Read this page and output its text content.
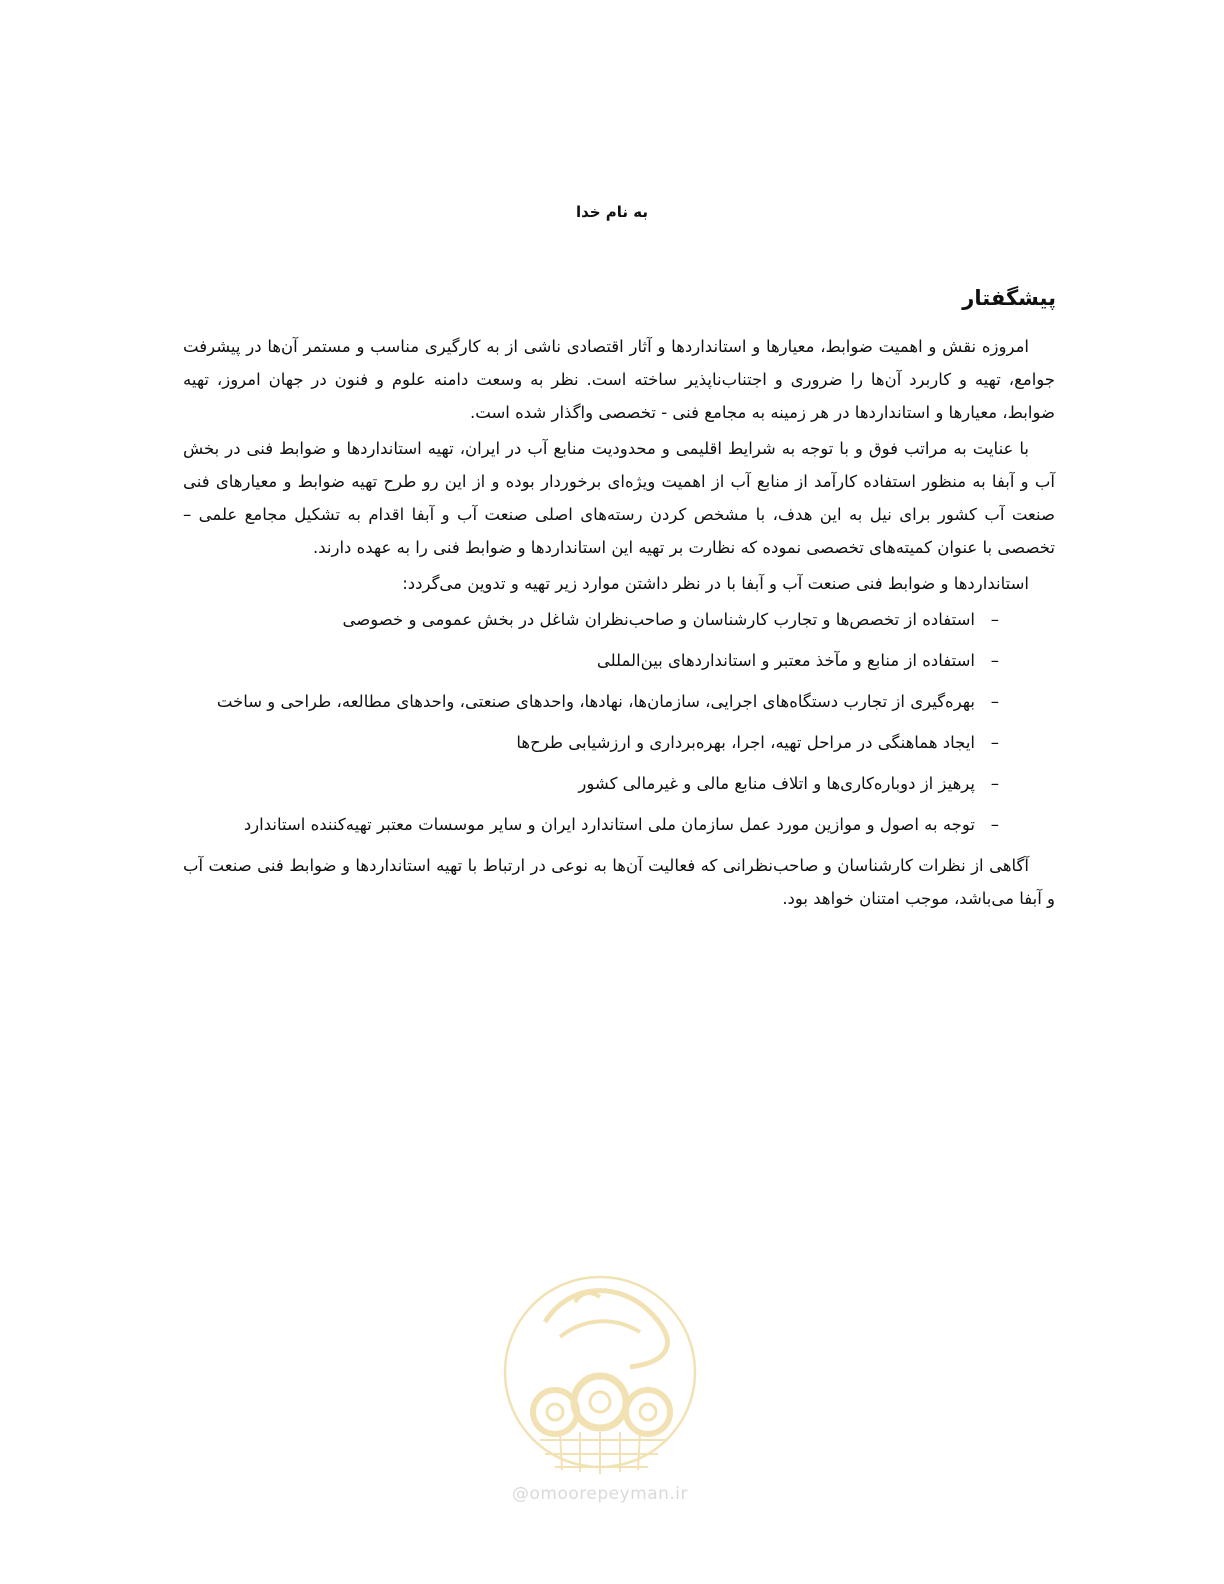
به نام خدا
پیشگفتار

امروزه نقش و اهمیت ضوابط، معیارها و استانداردها و آثار اقتصادی ناشی از به کارگیری مناسب و مستمر آن‌ها در پیشرفت جوامع، تهیه و کاربرد آن‌ها را ضروری و اجتناب‌ناپذیر ساخته است. نظر به وسعت دامنه علوم و فنون در جهان امروز، تهیه ضوابط، معیارها و استانداردها در هر زمینه به مجامع فنی - تخصصی واگذار شده است.

با عنایت به مراتب فوق و با توجه به شرایط اقلیمی و محدودیت منابع آب در ایران، تهیه استانداردها و ضوابط فنی در بخش آب و آبفا به منظور استفاده کارآمد از منابع آب از اهمیت ویژه‌ای برخوردار بوده و از این رو طرح تهیه ضوابط و معیارهای فنی صنعت آب کشور برای نیل به این هدف، با مشخص کردن رسته‌های اصلی صنعت آب و آبفا اقدام به تشکیل مجامع علمی – تخصصی با عنوان کمیته‌های تخصصی نموده که نظارت بر تهیه این استانداردها و ضوابط فنی را به عهده دارند.

استانداردها و ضوابط فنی صنعت آب و آبفا با در نظر داشتن موارد زیر تهیه و تدوین می‌گردد:

–
استفاده از تخصص‌ها و تجارب کارشناسان و صاحب‌نظران شاغل در بخش عمومی و خصوصی
–
استفاده از منابع و مآخذ معتبر و استانداردهای بین‌المللی
–
بهره‌گیری از تجارب دستگاه‌های اجرایی، سازمان‌ها، نهادها، واحدهای صنعتی، واحدهای مطالعه، طراحی و ساخت
–
ایجاد هماهنگی در مراحل تهیه، اجرا، بهره‌برداری و ارزشیابی طرح‌ها
–
پرهیز از دوباره‌کاری‌ها و اتلاف منابع مالی و غیرمالی کشور
–
توجه به اصول و موازین مورد عمل سازمان ملی استاندارد ایران و سایر موسسات معتبر تهیه‌کننده استاندارد

آگاهی از نظرات کارشناسان و صاحب‌نظرانی که فعالیت آن‌ها به نوعی در ارتباط با تهیه استانداردها و ضوابط فنی صنعت آب و آبفا می‌باشد، موجب امتنان خواهد بود.

@omoorepeyman.ir
